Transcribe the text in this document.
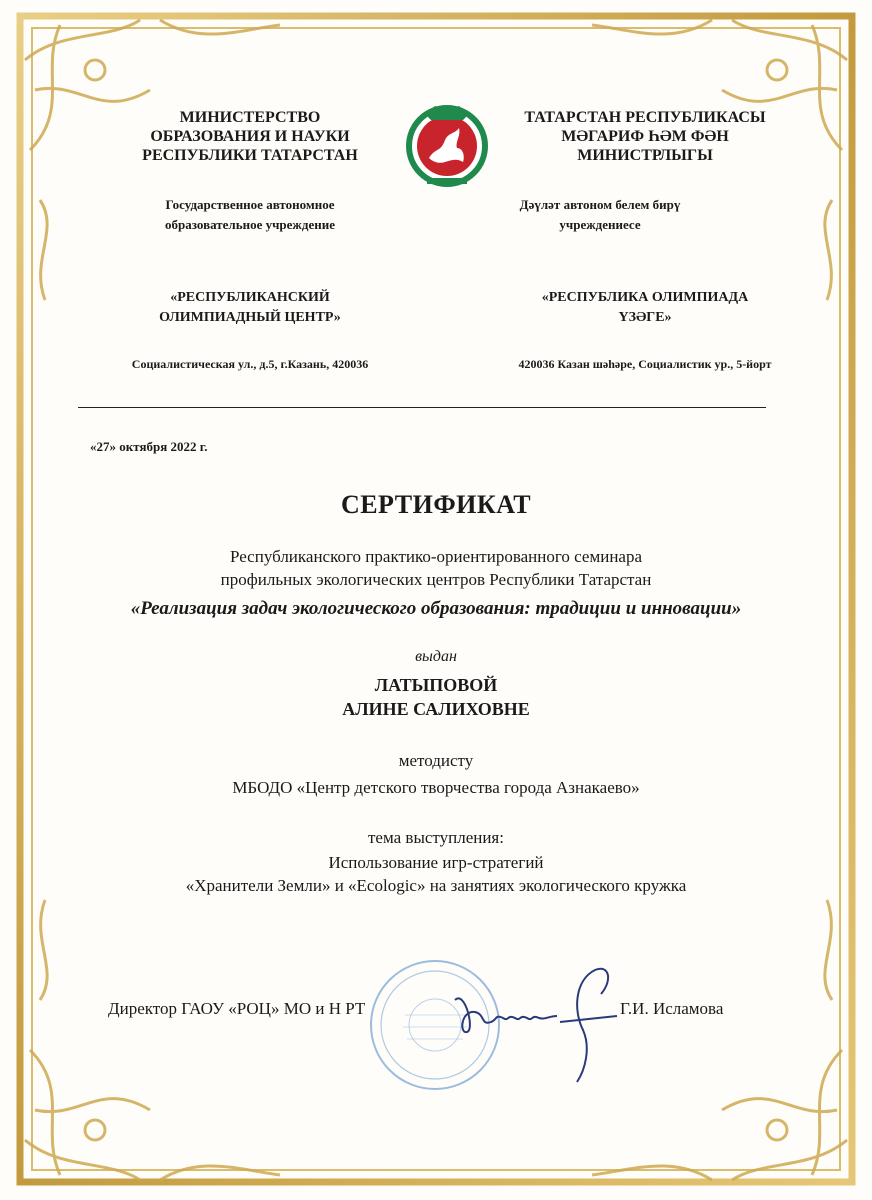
МИНИСТЕРСТВО
ОБРАЗОВАНИЯ И НАУКИ
РЕСПУБЛИКИ ТАТАРСТАН
ТАТАРСТАН РЕСПУБЛИКАСЫ
МӘГАРИФ ҺӘМ ФӘН
МИНИСТРЛЫГЫ
Государственное автономное
образовательное учреждение
Дәүләт автоном белем бирү
учреждениесе
«РЕСПУБЛИКАНСКИЙ
ОЛИМПИАДНЫЙ ЦЕНТР»
«РЕСПУБЛИКА ОЛИМПИАДА
ҮЗӘГЕ»
Социалистическая ул., д.5, г.Казань, 420036	420036 Казан шәһәре, Социалистик ур., 5-йорт
«27» октября 2022 г.
СЕРТИФИКАТ
Республиканского практико-ориентированного семинара
профильных экологических центров Республики Татарстан
«Реализация задач экологического образования: традиции и инновации»
выдан
ЛАТЫПОВОЙ
АЛИНЕ САЛИХОВНЕ
методисту
МБОДО «Центр детского творчества города Азнакаево»
тема выступления:
Использование игр-стратегий
«Хранители Земли» и «Ecologic» на занятиях экологического кружка
Директор ГАОУ «РОЦ» МО и Н РТ	Г.И. Исламова
